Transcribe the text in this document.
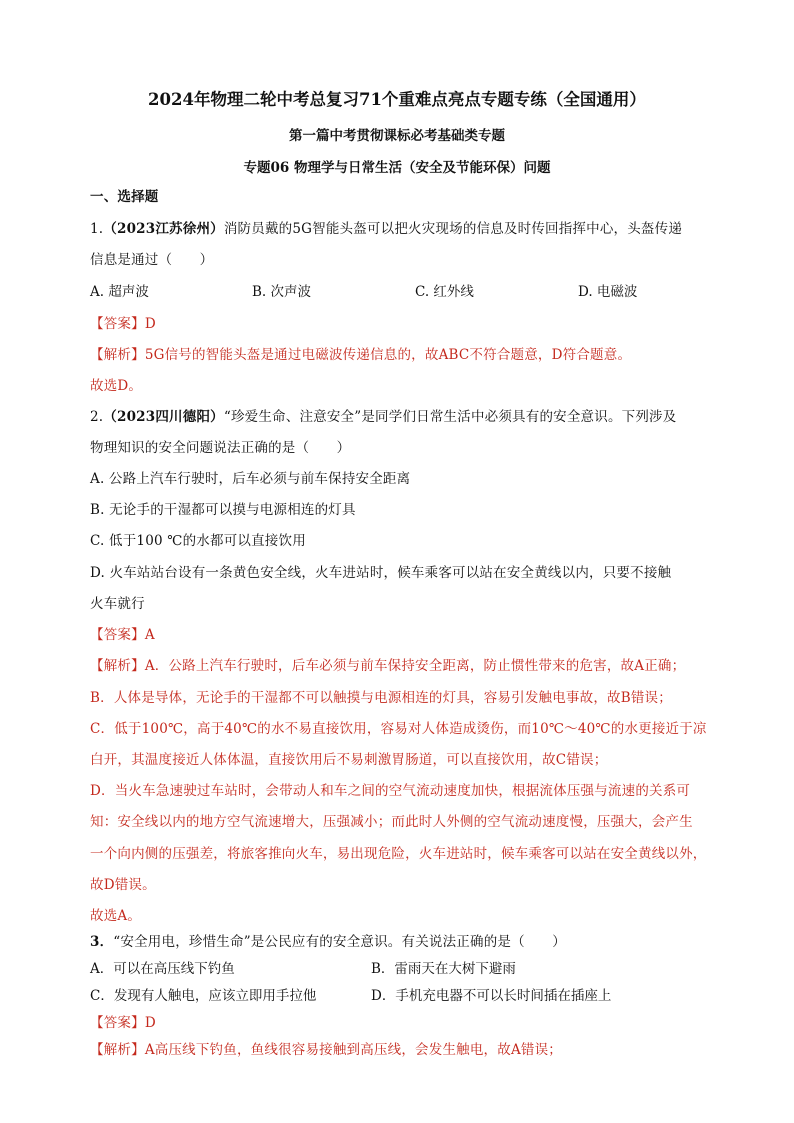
2024年物理二轮中考总复习71个重难点亮点专题专练（全国通用）
第一篇中考贯彻课标必考基础类专题
专题06 物理学与日常生活（安全及节能环保）问题
一、选择题
1.（2023江苏徐州）消防员戴的5G智能头盔可以把火灾现场的信息及时传回指挥中心，头盔传递
信息是通过（　　）
A. 超声波	B. 次声波	C. 红外线	D. 电磁波
【答案】D
【解析】5G信号的智能头盔是通过电磁波传递信息的，故ABC不符合题意，D符合题意。
故选D。
2.（2023四川德阳）“珍爱生命、注意安全”是同学们日常生活中必须具有的安全意识。下列涉及
物理知识的安全问题说法正确的是（　　）
A. 公路上汽车行驶时，后车必须与前车保持安全距离
B. 无论手的干湿都可以摸与电源相连的灯具
C. 低于100 ℃的水都可以直接饮用
D. 火车站站台设有一条黄色安全线，火车进站时，候车乘客可以站在安全黄线以内，只要不接触
火车就行
【答案】A
【解析】A．公路上汽车行驶时，后车必须与前车保持安全距离，防止惯性带来的危害，故A正确；
B．人体是导体，无论手的干湿都不可以触摸与电源相连的灯具，容易引发触电事故，故B错误；
C．低于100℃，高于40℃的水不易直接饮用，容易对人体造成烫伤，而10℃～40℃的水更接近于凉
白开，其温度接近人体体温，直接饮用后不易刺激胃肠道，可以直接饮用，故C错误；
D．当火车急速驶过车站时，会带动人和车之间的空气流动速度加快，根据流体压强与流速的关系可
知：安全线以内的地方空气流速增大，压强减小；而此时人外侧的空气流动速度慢，压强大，会产生
一个向内侧的压强差，将旅客推向火车，易出现危险，火车进站时，候车乘客可以站在安全黄线以外，
故D错误。
故选A。
3．“安全用电，珍惜生命”是公民应有的安全意识。有关说法正确的是（　　）
A．可以在高压线下钓鱼	B．雷雨天在大树下避雨
C．发现有人触电，应该立即用手拉他	D．手机充电器不可以长时间插在插座上
【答案】D
【解析】A高压线下钓鱼，鱼线很容易接触到高压线，会发生触电，故A错误；
